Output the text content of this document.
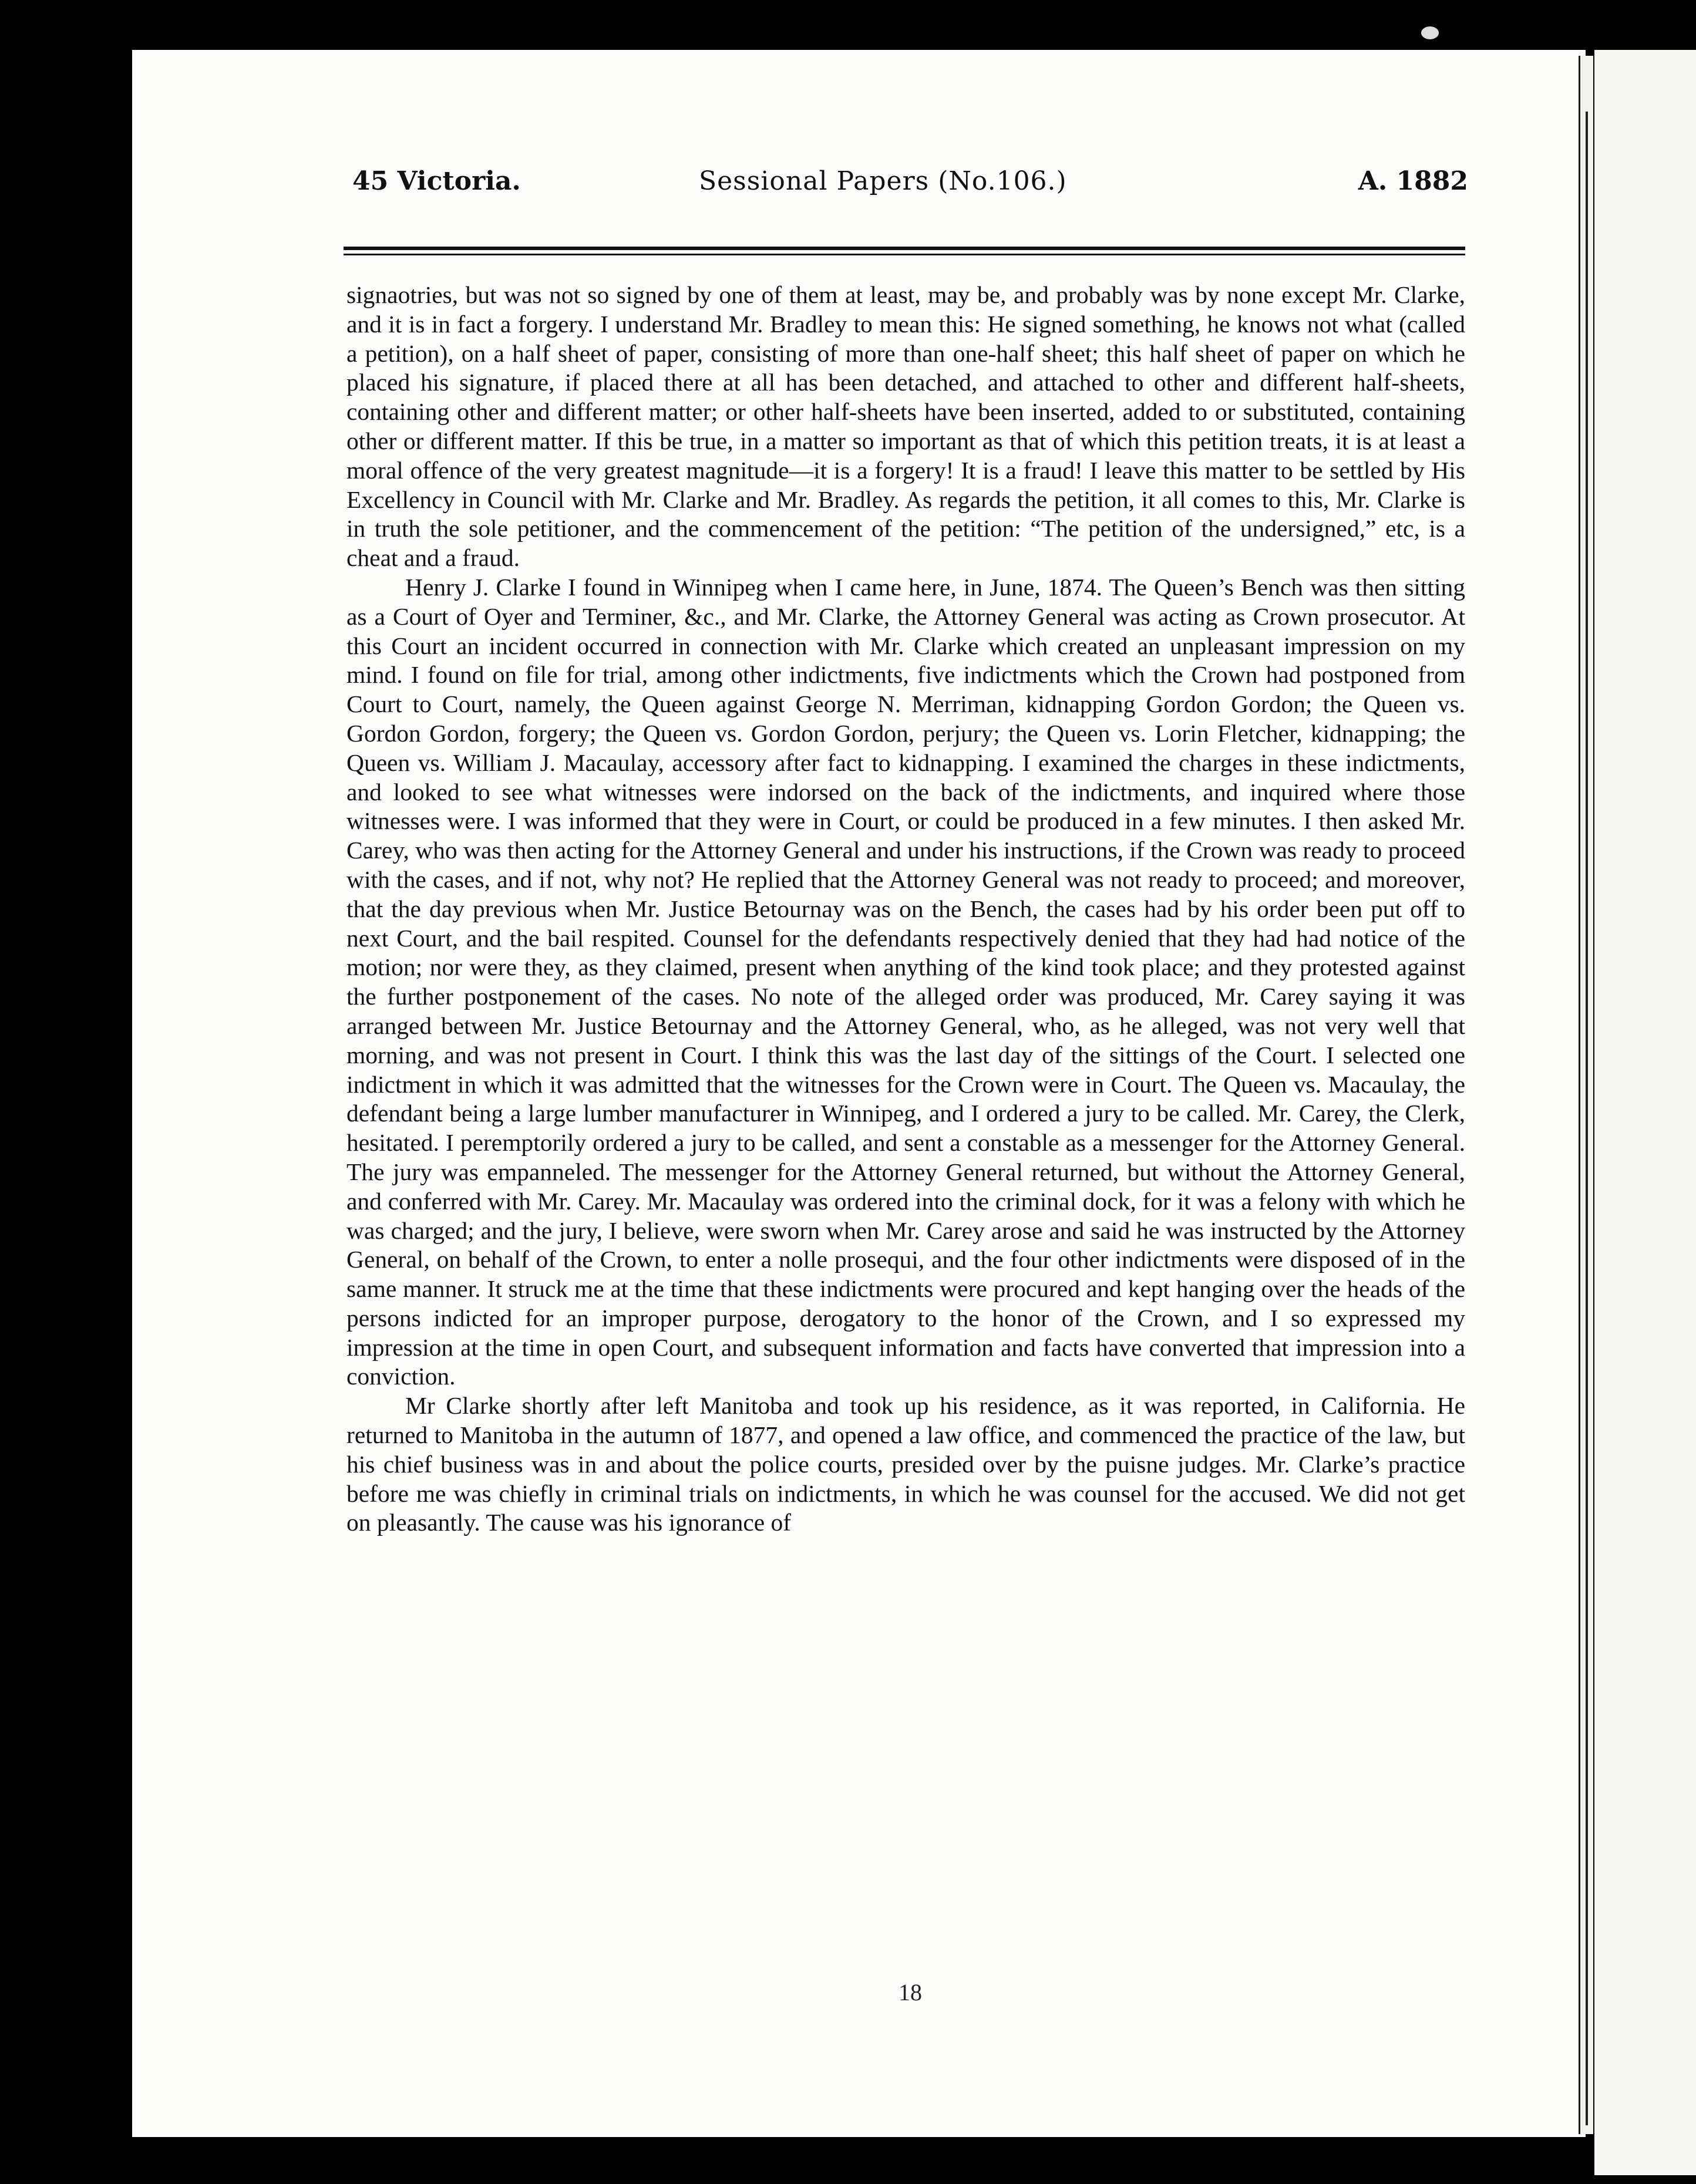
45 Victoria.	Sessional Papers (No.106.)	A. 1882

signaotries, but was not so signed by one of them at least, may be, and probably was by none except Mr. Clarke, and it is in fact a forgery. I understand Mr. Bradley to mean this: He signed something, he knows not what (called a petition), on a half sheet of paper, consisting of more than one-half sheet; this half sheet of paper on which he placed his signature, if placed there at all has been detached, and attached to other and different half-sheets, containing other and different matter; or other half-sheets have been inserted, added to or substituted, containing other or different matter. If this be true, in a matter so important as that of which this petition treats, it is at least a moral offence of the very greatest magnitude—it is a forgery! It is a fraud! I leave this matter to be settled by His Excellency in Council with Mr. Clarke and Mr. Bradley. As regards the petition, it all comes to this, Mr. Clarke is in truth the sole petitioner, and the commencement of the petition: “The petition of the undersigned,” etc, is a cheat and a fraud.

Henry J. Clarke I found in Winnipeg when I came here, in June, 1874. The Queen’s Bench was then sitting as a Court of Oyer and Terminer, &c., and Mr. Clarke, the Attorney General was acting as Crown prosecutor. At this Court an incident occurred in connection with Mr. Clarke which created an unpleasant impression on my mind. I found on file for trial, among other indictments, five indictments which the Crown had postponed from Court to Court, namely, the Queen against George N. Merriman, kidnapping Gordon Gordon; the Queen vs. Gordon Gordon, forgery; the Queen vs. Gordon Gordon, perjury; the Queen vs. Lorin Fletcher, kidnapping; the Queen vs. William J. Macaulay, accessory after fact to kidnapping. I examined the charges in these indictments, and looked to see what witnesses were indorsed on the back of the indictments, and inquired where those witnesses were. I was informed that they were in Court, or could be produced in a few minutes. I then asked Mr. Carey, who was then acting for the Attorney General and under his instructions, if the Crown was ready to proceed with the cases, and if not, why not? He replied that the Attorney General was not ready to proceed; and moreover, that the day previous when Mr. Justice Betournay was on the Bench, the cases had by his order been put off to next Court, and the bail respited. Counsel for the defendants respectively denied that they had had notice of the motion; nor were they, as they claimed, present when anything of the kind took place; and they protested against the further postponement of the cases. No note of the alleged order was produced, Mr. Carey saying it was arranged between Mr. Justice Betournay and the Attorney General, who, as he alleged, was not very well that morning, and was not present in Court. I think this was the last day of the sittings of the Court. I selected one indictment in which it was admitted that the witnesses for the Crown were in Court. The Queen vs. Macaulay, the defendant being a large lumber manufacturer in Winnipeg, and I ordered a jury to be called. Mr. Carey, the Clerk, hesitated. I peremptorily ordered a jury to be called, and sent a constable as a messenger for the Attorney General. The jury was empanneled. The messenger for the Attorney General returned, but without the Attorney General, and conferred with Mr. Carey. Mr. Macaulay was ordered into the criminal dock, for it was a felony with which he was charged; and the jury, I believe, were sworn when Mr. Carey arose and said he was instructed by the Attorney General, on behalf of the Crown, to enter a nolle prosequi, and the four other indictments were disposed of in the same manner. It struck me at the time that these indictments were procured and kept hanging over the heads of the persons indicted for an improper purpose, derogatory to the honor of the Crown, and I so expressed my impression at the time in open Court, and subsequent information and facts have converted that impression into a conviction.

Mr Clarke shortly after left Manitoba and took up his residence, as it was reported, in California. He returned to Manitoba in the autumn of 1877, and opened a law office, and commenced the practice of the law, but his chief business was in and about the police courts, presided over by the puisne judges. Mr. Clarke’s practice before me was chiefly in criminal trials on indictments, in which he was counsel for the accused. We did not get on pleasantly. The cause was his ignorance of

18
